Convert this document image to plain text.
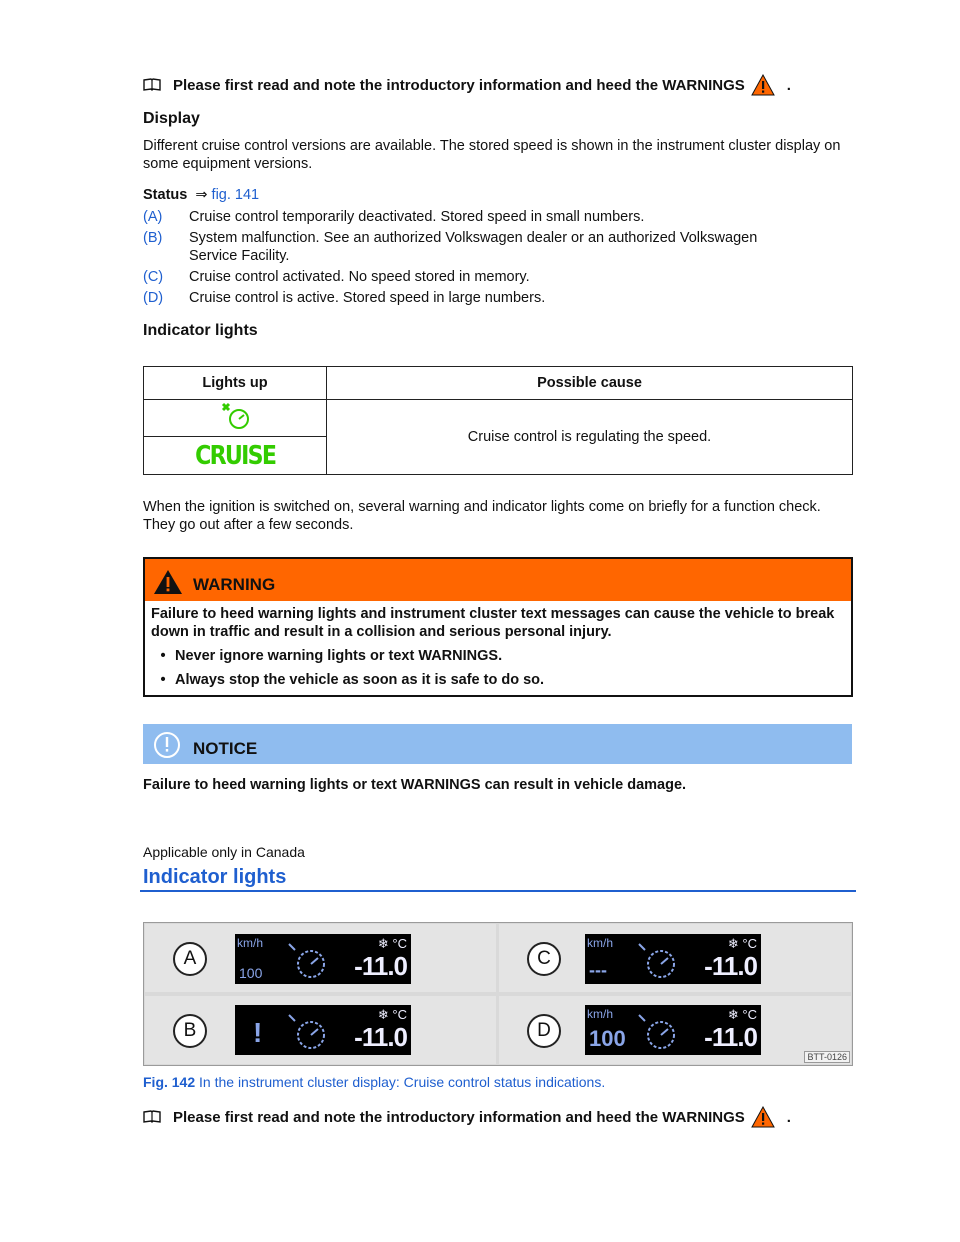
Please first read and note the introductory information and heed the WARNINGS	.
Display

Different cruise control versions are available. The stored speed is shown in the instrument cluster display on some equipment versions.

Status ⇒ fig. 141
(A)	Cruise control temporarily deactivated. Stored speed in small numbers.
(B)	System malfunction. See an authorized Volkswagen dealer or an authorized Volkswagen Service Facility.
(C)	Cruise control activated. No speed stored in memory.
(D)	Cruise control is active. Stored speed in large numbers.
Indicator lights
Lights up	Possible cause
	Cruise control is regulating the speed.
CRUISE	

When the ignition is switched on, several warning and indicator lights come on briefly for a function check. They go out after a few seconds.

WARNING
Failure to heed warning lights and instrument cluster text messages can cause the vehicle to break down in traffic and result in a collision and serious personal injury.
• Never ignore warning lights or text WARNINGS.
• Always stop the vehicle as soon as it is safe to do so.
NOTICE

Failure to heed warning lights or text WARNINGS can result in vehicle damage.

Applicable only in Canada

Indicator lights
A
km/h
100
❄ °C
-11.0	C
km/h
---
❄ °C
-11.0
B	!
❄ °C
-11.0	D
km/h
100
❄ °C
-11.0
BTT-0126
Fig. 142 In the instrument cluster display: Cruise control status indications.
Please first read and note the introductory information and heed the WARNINGS	.
